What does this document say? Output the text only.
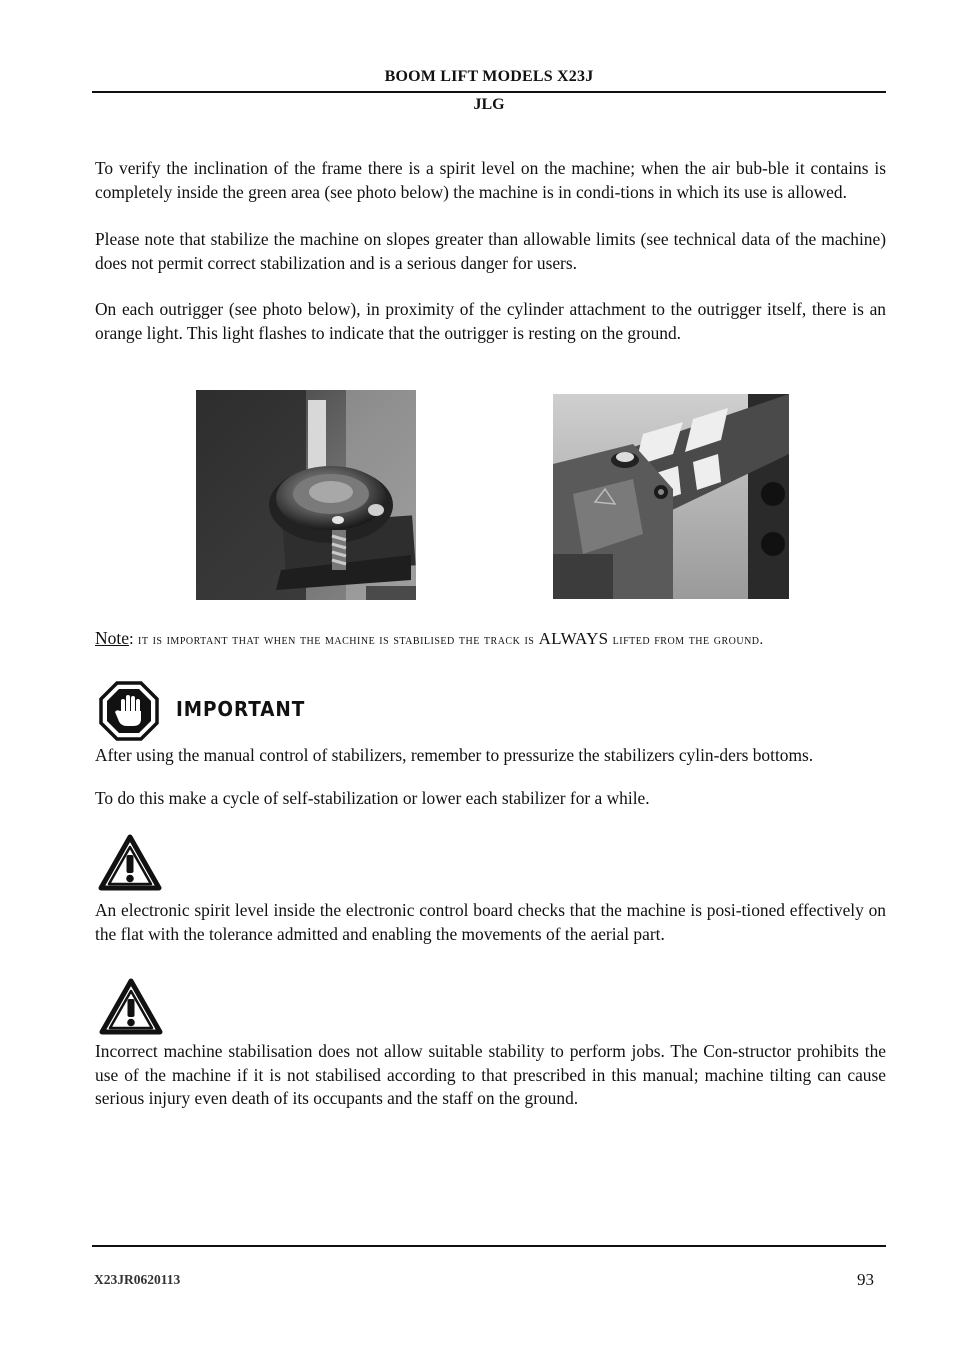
BOOM LIFT MODELS X23J
JLG

To verify the inclination of the frame there is a spirit level on the machine; when the air bub-ble it contains is completely inside the green area (see photo below) the machine is in condi-tions in which its use is allowed.

Please note that stabilize the machine on slopes greater than allowable limits (see technical data of the machine) does not permit correct stabilization and is a serious danger for users.

On each outrigger (see photo below), in proximity of the cylinder attachment to the outrigger itself, there is an orange light. This light flashes to indicate that the outrigger is resting on the ground.

Note: it is important that when the machine is stabilised the track is ALWAYS lifted from the ground.
IMPORTANT

After using the manual control of stabilizers, remember to pressurize the stabilizers cylin-ders bottoms.

To do this make a cycle of self-stabilization or lower each stabilizer for a while.

An electronic spirit level inside the electronic control board checks that the machine is posi-tioned effectively on the flat with the tolerance admitted and enabling the movements of the aerial part.

Incorrect machine stabilisation does not allow suitable stability to perform jobs. The Con-structor prohibits the use of the machine if it is not stabilised according to that prescribed in this manual; machine tilting can cause serious injury even death of its occupants and the staff on the ground.

X23JR0620113	93
